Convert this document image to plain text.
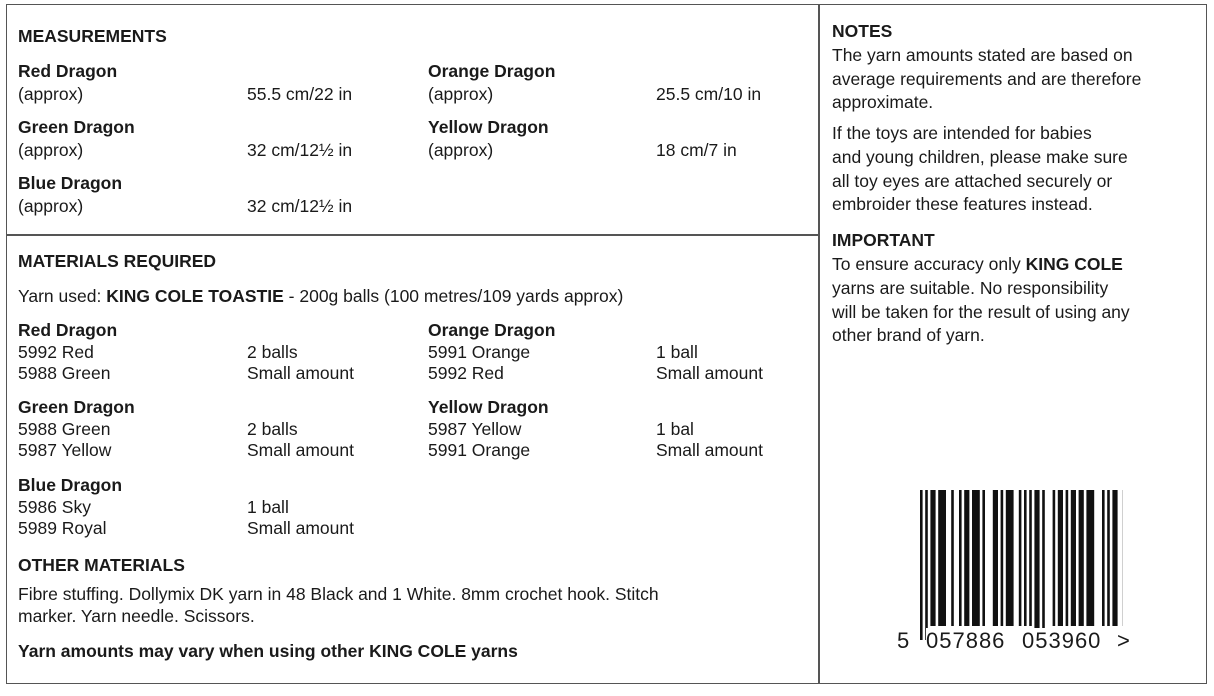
MEASUREMENTS
Red Dragon
(approx)	55.5 cm/22 in
Orange Dragon
(approx)	25.5 cm/10 in
Green Dragon
(approx)	32 cm/12½ in
Yellow Dragon
(approx)	18 cm/7 in
Blue Dragon
(approx)	32 cm/12½ in
MATERIALS REQUIRED
Yarn used: KING COLE TOASTIE - 200g balls (100 metres/109 yards approx)
Red Dragon
5992 Red	2 balls
5988 Green	Small amount
Orange Dragon
5991 Orange	1 ball
5992 Red	Small amount
Green Dragon
5988 Green	2 balls
5987 Yellow	Small amount
Yellow Dragon
5987 Yellow	1 bal
5991 Orange	Small amount
Blue Dragon
5986 Sky	1 ball
5989 Royal	Small amount
OTHER MATERIALS
Fibre stuffing. Dollymix DK yarn in 48 Black and 1 White. 8mm crochet hook. Stitch
marker. Yarn needle. Scissors.
Yarn amounts may vary when using other KING COLE yarns
NOTES
The yarn amounts stated are based on
average requirements and are therefore
approximate.
If the toys are intended for babies
and young children, please make sure
all toy eyes are attached securely or
embroider these features instead.
IMPORTANT
To ensure accuracy only KING COLE
yarns are suitable. No responsibility
will be taken for the result of using any
other brand of yarn.
5 057886 053960 >
